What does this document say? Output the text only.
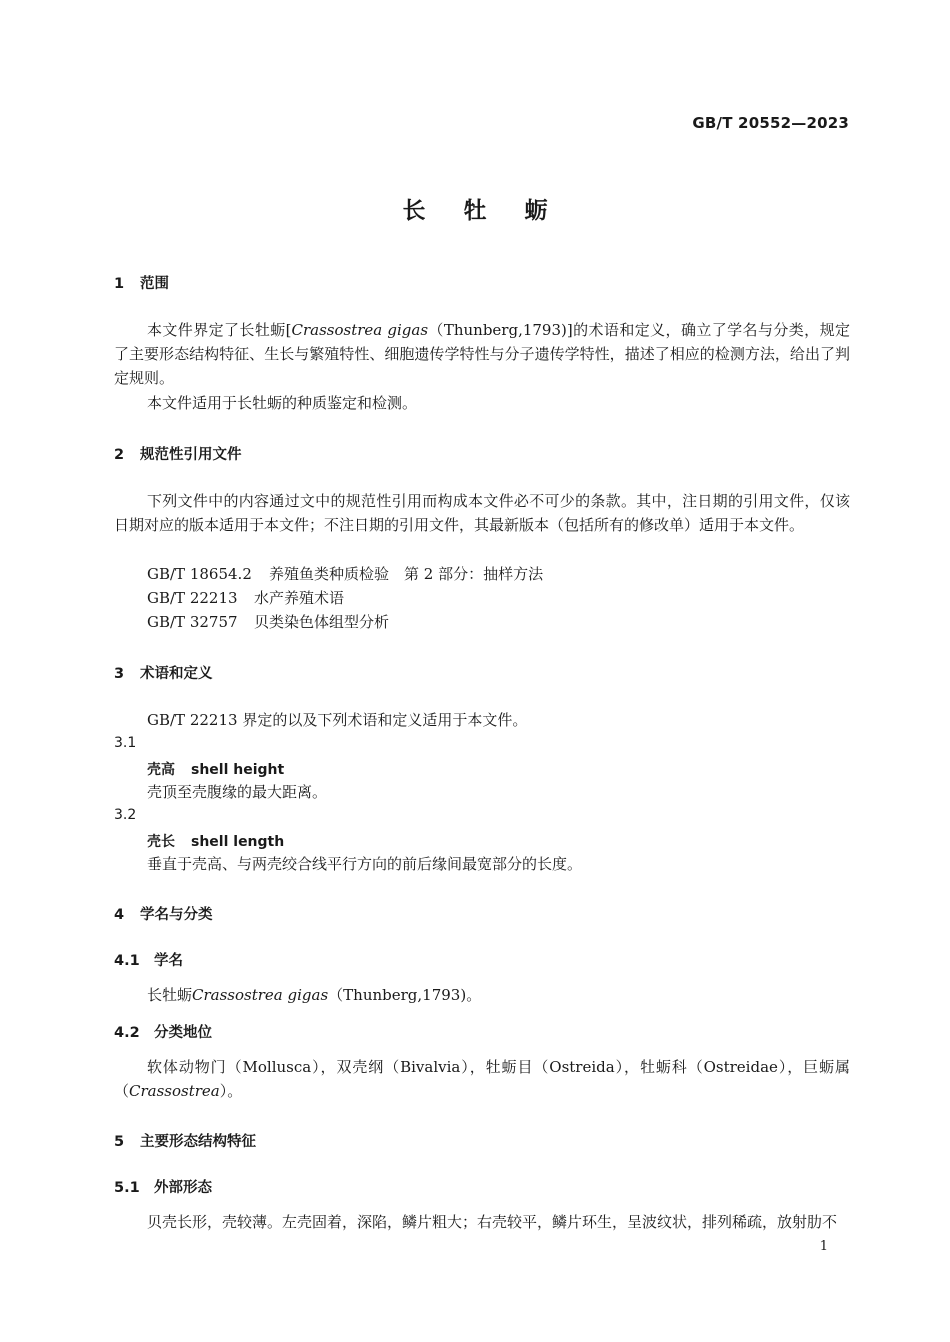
GB/T 20552—2023
长牡蛎
1 范围
本文件界定了长牡蛎[Crassostrea gigas（Thunberg,1793)]的术语和定义，确立了学名与分类，规定了主要形态结构特征、生长与繁殖特性、细胞遗传学特性与分子遗传学特性，描述了相应的检测方法，给出了判定规则。
本文件适用于长牡蛎的种质鉴定和检测。
2 规范性引用文件
下列文件中的内容通过文中的规范性引用而构成本文件必不可少的条款。其中，注日期的引用文件，仅该日期对应的版本适用于本文件；不注日期的引用文件，其最新版本（包括所有的修改单）适用于本文件。
GB/T 18654.2 养殖鱼类种质检验　第 2 部分：抽样方法
GB/T 22213 水产养殖术语
GB/T 32757 贝类染色体组型分析
3 术语和定义
GB/T 22213 界定的以及下列术语和定义适用于本文件。
3.1
壳高 shell height
壳顶至壳腹缘的最大距离。
3.2
壳长 shell length
垂直于壳高、与两壳绞合线平行方向的前后缘间最宽部分的长度。
4 学名与分类
4.1 学名
长牡蛎Crassostrea gigas（Thunberg,1793)。
4.2 分类地位
软体动物门（Mollusca），双壳纲（Bivalvia），牡蛎目（Ostreida），牡蛎科（Ostreidae），巨蛎属（Crassostrea）。
5 主要形态结构特征
5.1 外部形态
贝壳长形，壳较薄。左壳固着，深陷，鳞片粗大；右壳较平，鳞片环生，呈波纹状，排列稀疏，放射肋不
1
